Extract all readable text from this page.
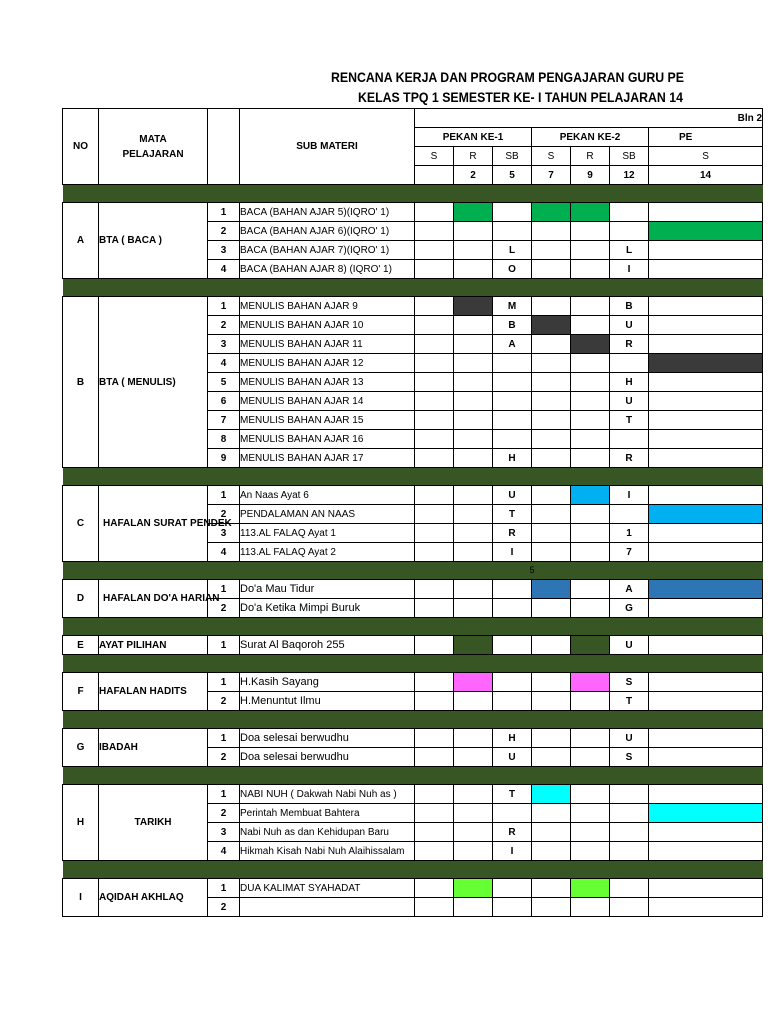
RENCANA KERJA DAN PROGRAM PENGAJARAN GURU PE
KELAS TPQ 1 SEMESTER KE- I TAHUN PELAJARAN 14
NO	MATA
PELAJARAN		SUB MATERI	Bln 2						
				PEKAN KE-1			PEKAN KE-2			PE
				S	R	SB	S	R	SB	S
					2	5	7	9	12	14

A	BTA ( BACA )	1	BACA (BAHAN AJAR 5)(IQRO' 1)							
		2	BACA (BAHAN AJAR 6)(IQRO' 1)							
		3	BACA (BAHAN AJAR 7)(IQRO' 1)			L			L	
		4	BACA (BAHAN AJAR 8) (IQRO' 1)			O			I	

B	BTA ( MENULIS)	1	MENULIS BAHAN AJAR 9			M			B	
		2	MENULIS BAHAN AJAR 10			B			U	
		3	MENULIS BAHAN AJAR 11			A			R	
		4	MENULIS BAHAN AJAR 12							
		5	MENULIS BAHAN AJAR 13						H	
		6	MENULIS BAHAN AJAR 14						U	
		7	MENULIS BAHAN AJAR 15						T	
		8	MENULIS BAHAN AJAR 16							
		9	MENULIS BAHAN AJAR 17			H			R	

C	HAFALAN SURAT PENDEK	1	An Naas Ayat 6			U			I	
		2	PENDALAMAN AN NAAS			T				
		3	113.AL FALAQ Ayat 1			R			1	
		4	113.AL FALAQ Ayat 2			I			7	
5										
D	HAFALAN DO'A HARIAN	1	Do'a Mau Tidur						A	
		2	Do'a Ketika Mimpi Buruk						G	

E	AYAT PILIHAN	1	Surat Al Baqoroh 255						U	

F	HAFALAN HADITS	1	H.Kasih Sayang						S	
		2	H.Menuntut Ilmu						T	

G	IBADAH	1	Doa selesai berwudhu			H			U	
		2	Doa selesai berwudhu			U			S	

H	TARIKH	1	NABI NUH ( Dakwah Nabi Nuh as )			T				
		2	Perintah Membuat Bahtera							
		3	Nabi Nuh as dan Kehidupan Baru			R				
		4	Hikmah Kisah Nabi Nuh Alaihissalam			I				

I	AQIDAH AKHLAQ	1	DUA KALIMAT SYAHADAT							
		2								
